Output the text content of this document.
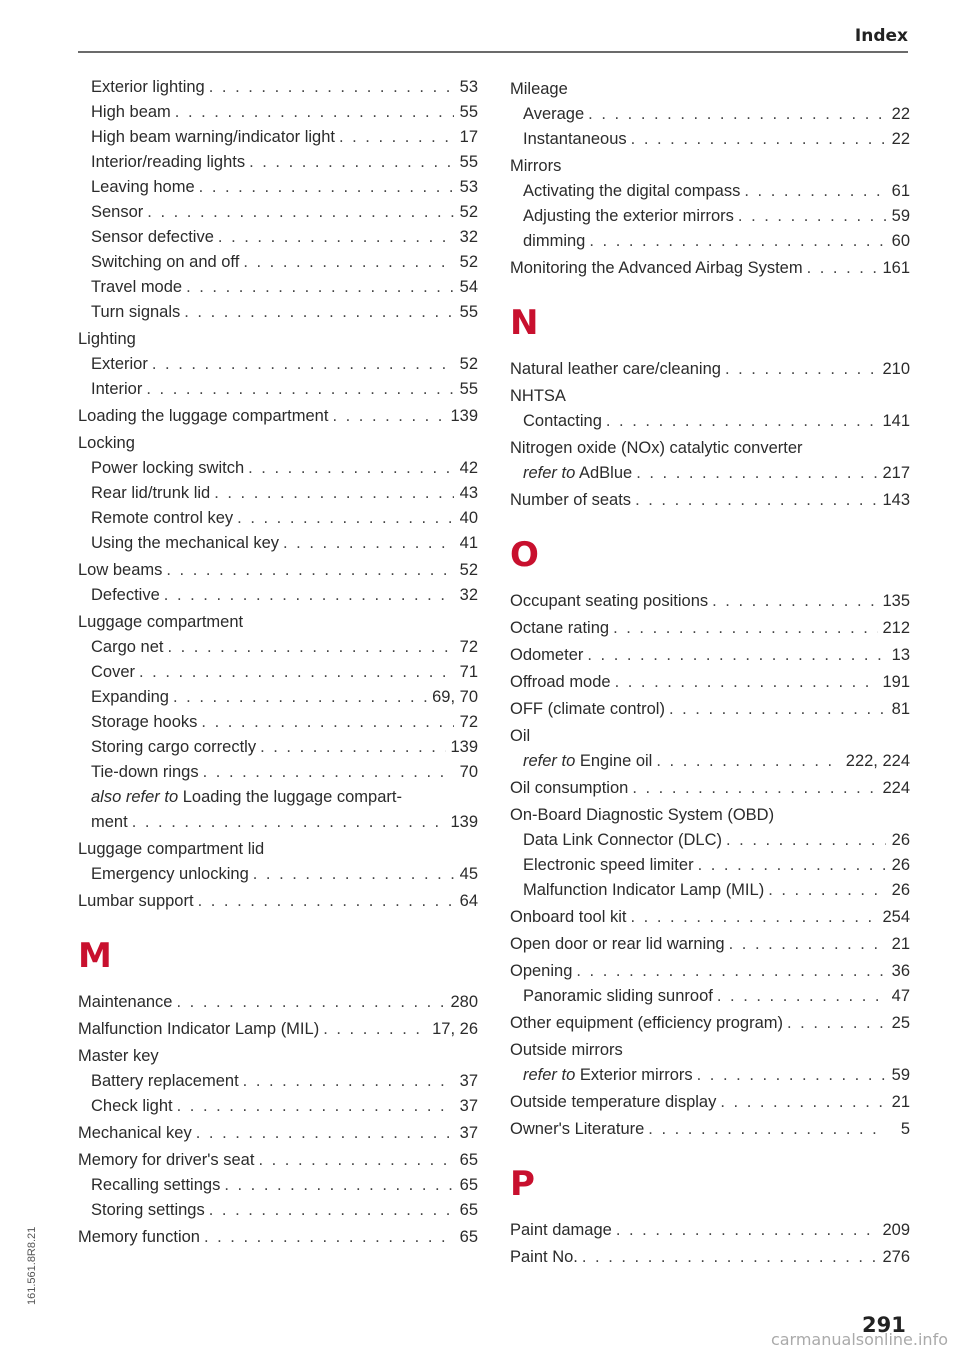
Index
Exterior lighting . . .	53
High beam . . .	55
High beam warning/indicator light . . .	17
Interior/reading lights . . .	55
Leaving home . . .	53
Sensor . . .	52
Sensor defective . . .	32
Switching on and off . . .	52
Travel mode . . .	54
Turn signals . . .	55
Lighting
Exterior . . .	52
Interior . . .	55
Loading the luggage compartment . . .	139
Locking
Power locking switch . . .	42
Rear lid/trunk lid . . .	43
Remote control key . . .	40
Using the mechanical key . . .	41
Low beams . . .	52
Defective . . .	32
Luggage compartment
Cargo net . . .	72
Cover . . .	71
Expanding . . .	69, 70
Storage hooks . . .	72
Storing cargo correctly . . .	139
Tie-down rings . . .	70
also refer to Loading the luggage compart-
ment . . .	139
Luggage compartment lid
Emergency unlocking . . .	45
Lumbar support . . .	64
M
Maintenance . . .	280
Malfunction Indicator Lamp (MIL) . . .	17, 26
Master key
Battery replacement . . .	37
Check light . . .	37
Mechanical key . . .	37
Memory for driver's seat . . .	65
Recalling settings . . .	65
Storing settings . . .	65
Memory function . . .	65
Mileage
Average . . .	22
Instantaneous . . .	22
Mirrors
Activating the digital compass . . .	61
Adjusting the exterior mirrors . . .	59
dimming . . .	60
Monitoring the Advanced Airbag System . . .	161
N
Natural leather care/cleaning . . .	210
NHTSA
Contacting . . .	141
Nitrogen oxide (NOx) catalytic converter
refer to AdBlue . . .	217
Number of seats . . .	143
O
Occupant seating positions . . .	135
Octane rating . . .	212
Odometer . . .	13
Offroad mode . . .	191
OFF (climate control) . . .	81
Oil
refer to Engine oil . . .	222, 224
Oil consumption . . .	224
On-Board Diagnostic System (OBD)
Data Link Connector (DLC) . . .	26
Electronic speed limiter . . .	26
Malfunction Indicator Lamp (MIL) . . .	26
Onboard tool kit . . .	254
Open door or rear lid warning . . .	21
Opening . . .	36
Panoramic sliding sunroof . . .	47
Other equipment (efficiency program) . . .	25
Outside mirrors
refer to Exterior mirrors . . .	59
Outside temperature display . . .	21
Owner's Literature . . .	5
P
Paint damage . . .	209
Paint No. . . .	276
291
161.561.8R8.21
carmanualsonline.info
